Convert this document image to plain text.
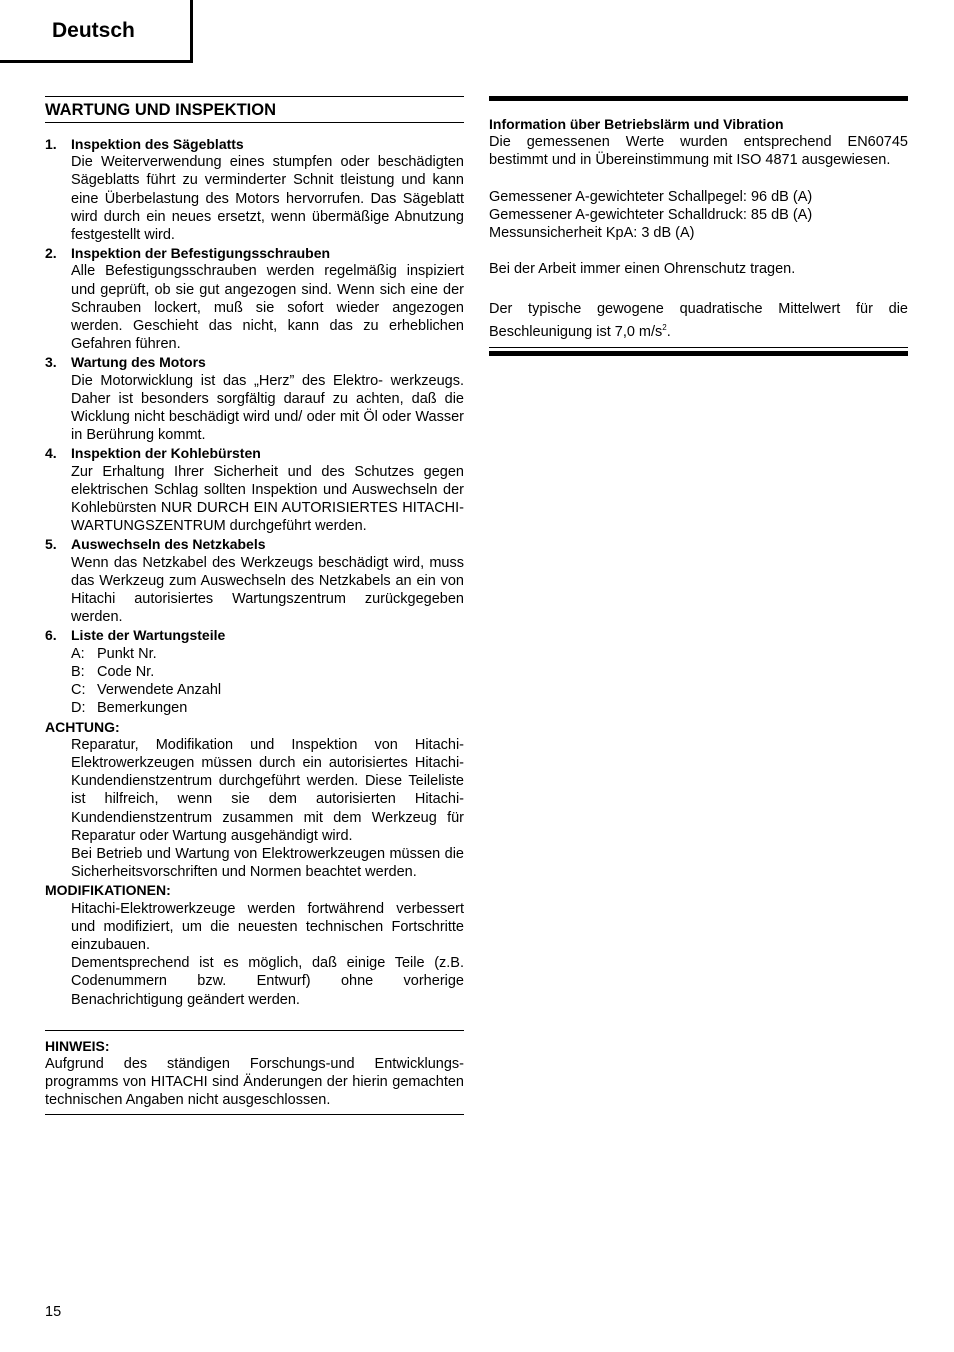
Deutsch
WARTUNG UND INSPEKTION
1.	Inspektion des Sägeblatts
Die Weiterverwendung eines stumpfen oder beschädigten Sägeblatts führt zu verminderter Schnit tleistung und kann eine Überbelastung des Motors hervorrufen. Das Sägeblatt wird durch ein neues ersetzt, wenn übermäßige Abnutzung festgestellt wird.
2.	Inspektion der Befestigungsschrauben
Alle Befestigungsschrauben werden regelmäßig inspiziert und geprüft, ob sie gut angezogen sind. Wenn sich eine der Schrauben lockert, muß sie sofort wieder angezogen werden. Geschieht das nicht, kann das zu erheblichen Gefahren führen.
3.	Wartung des Motors
Die Motorwicklung ist das „Herz” des Elektro- werkzeugs. Daher ist besonders sorgfältig darauf zu achten, daß die Wicklung nicht beschädigt wird und/ oder mit Öl oder Wasser in Berührung kommt.
4.	Inspektion der Kohlebürsten
Zur Erhaltung Ihrer Sicherheit und des Schutzes gegen elektrischen Schlag sollten Inspektion und Auswechseln der Kohlebürsten NUR DURCH EIN AUTORISIERTES HITACHI-WARTUNGSZENTRUM durchgeführt werden.
5.	Auswechseln des Netzkabels
Wenn das Netzkabel des Werkzeugs beschädigt wird, muss das Werkzeug zum Auswechseln des Netzkabels an ein von Hitachi autorisiertes Wartungszentrum zurückgegeben werden.
6.	Liste der Wartungsteile
A: Punkt Nr.
B: Code Nr.
C: Verwendete Anzahl
D: Bemerkungen
ACHTUNG:
Reparatur, Modifikation und Inspektion von Hitachi- Elektrowerkzeugen müssen durch ein autorisiertes Hitachi-Kundendienstzentrum durchgeführt werden. Diese Teileliste ist hilfreich, wenn sie dem autorisierten Hitachi-Kundendienstzentrum zusammen mit dem Werkzeug für Reparatur oder Wartung ausgehändigt wird.
Bei Betrieb und Wartung von Elektrowerkzeugen müssen die Sicherheitsvorschriften und Normen beachtet werden.
MODIFIKATIONEN:
Hitachi-Elektrowerkzeuge werden fortwährend verbessert und modifiziert, um die neuesten technischen Fortschritte einzubauen.
Dementsprechend ist es möglich, daß einige Teile (z.B. Codenummern bzw. Entwurf) ohne vorherige Benachrichtigung geändert werden.
HINWEIS:
Aufgrund des ständigen Forschungs-und Entwicklungs- programms von HITACHI sind Änderungen der hierin gemachten technischen Angaben nicht ausgeschlossen.
Information über Betriebslärm und Vibration
Die gemessenen Werte wurden entsprechend EN60745 bestimmt und in Übereinstimmung mit ISO 4871 ausgewiesen.
Gemessener A-gewichteter Schallpegel: 96 dB (A)
Gemessener A-gewichteter Schalldruck: 85 dB (A)
Messunsicherheit KpA: 3 dB (A)
Bei der Arbeit immer einen Ohrenschutz tragen.
Der typische gewogene quadratische Mittelwert für die Beschleunigung ist 7,0 $m/s^2$.
15
